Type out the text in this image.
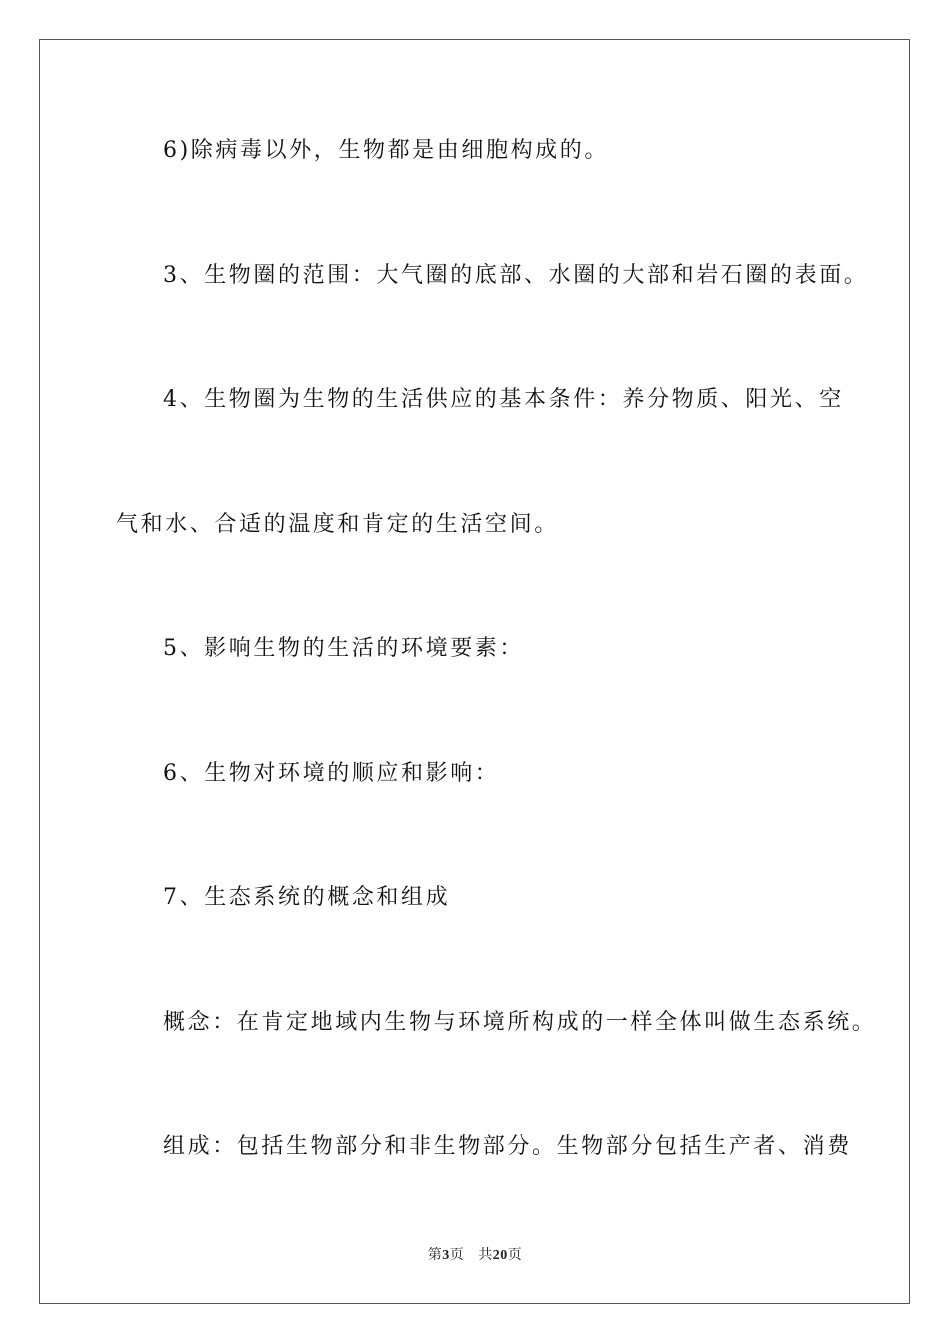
6)除病毒以外，生物都是由细胞构成的。
3、生物圈的范围：大气圈的底部、水圈的大部和岩石圈的表面。
4、生物圈为生物的生活供应的基本条件：养分物质、阳光、空
气和水、合适的温度和肯定的生活空间。
5、影响生物的生活的环境要素：
6、生物对环境的顺应和影响：
7、生态系统的概念和组成
概念：在肯定地域内生物与环境所构成的一样全体叫做生态系统。
组成：包括生物部分和非生物部分。生物部分包括生产者、消费
第3页 共20页
